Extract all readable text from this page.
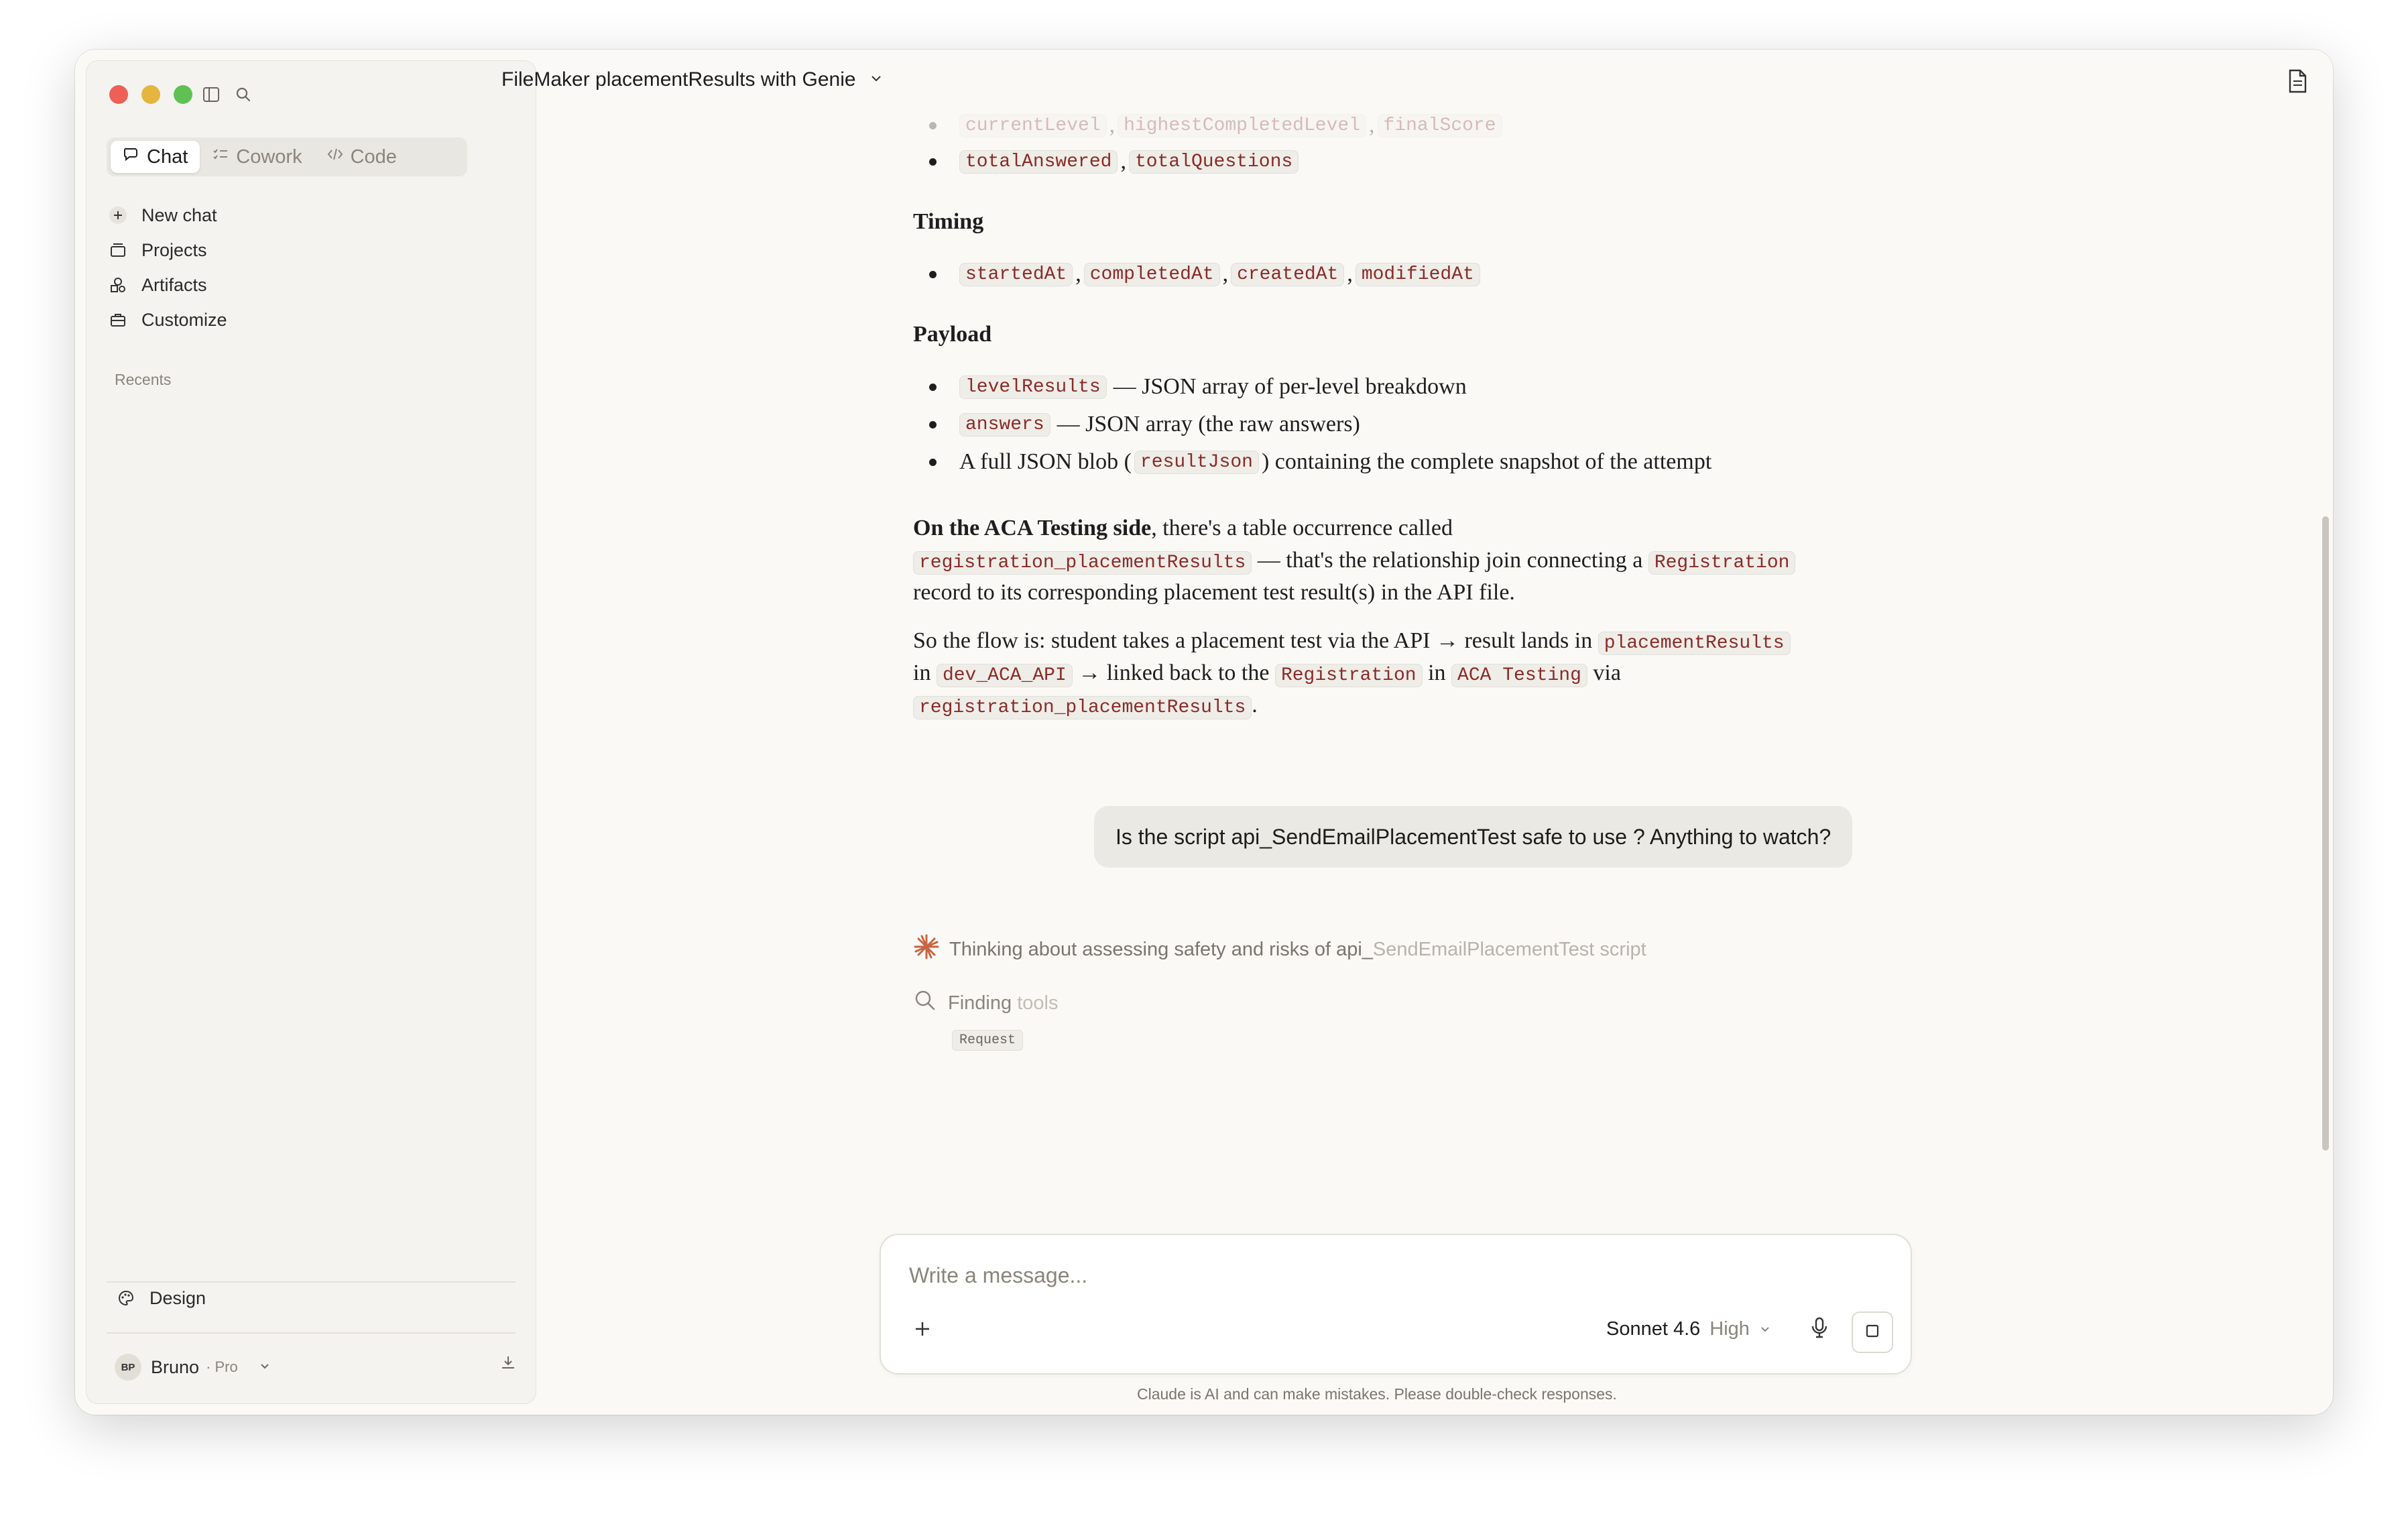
Chat Cowork Code
New chat
Projects
Artifacts
Customize
Recents
Design
BP Bruno · Pro
FileMaker placementResults with Genie
currentLevel , highestCompletedLevel , finalScore
totalAnswered , totalQuestions
Timing
startedAt , completedAt , createdAt , modifiedAt
Payload
levelResults — JSON array of per-level breakdown
answers — JSON array (the raw answers)
A full JSON blob ( resultJson ) containing the complete snapshot of the attempt
On the ACA Testing side, there's a table occurrence called
registration_placementResults — that's the relationship join connecting a Registration
record to its corresponding placement test result(s) in the API file.
So the flow is: student takes a placement test via the API → result lands in placementResults
in dev_ACA_API → linked back to the Registration in ACA Testing via
registration_placementResults .
Is the script api_SendEmailPlacementTest safe to use ? Anything to watch?
Thinking about assessing safety and risks of api_SendEmailPlacementTest script
Finding tools
Request
Write a message...
Sonnet 4.6 High
Claude is AI and can make mistakes. Please double-check responses.
